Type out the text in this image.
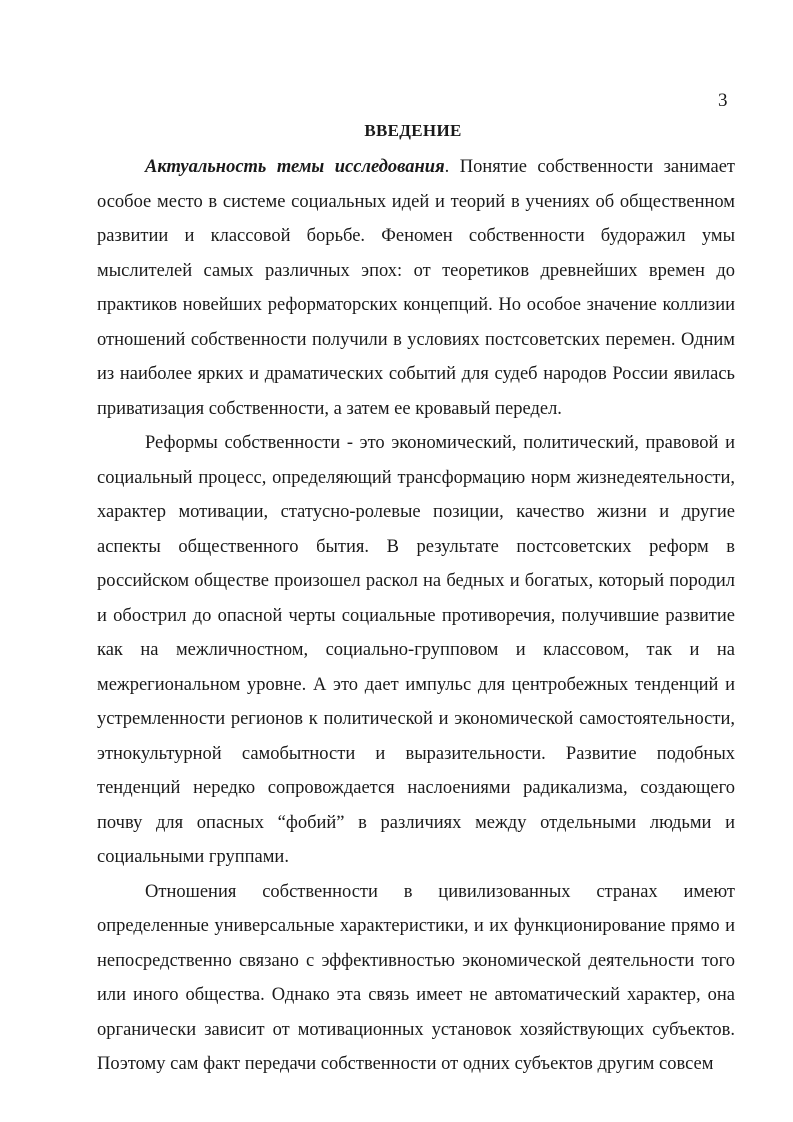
3
ВВЕДЕНИЕ

Актуальность темы исследования. Понятие собственности занимает особое место в системе социальных идей и теорий в учениях об общественном развитии и классовой борьбе. Феномен собственности будоражил умы мыслителей самых различных эпох: от теоретиков древнейших времен до практиков новейших реформаторских концепций. Но особое значение коллизии отношений собственности получили в условиях постсоветских перемен. Одним из наиболее ярких и драматических событий для судеб народов России явилась приватизация собственности, а затем ее кровавый передел.

Реформы собственности - это экономический, политический, правовой и социальный процесс, определяющий трансформацию норм жизнедеятельности, характер мотивации, статусно-ролевые позиции, качество жизни и другие аспекты общественного бытия. В результате постсоветских реформ в российском обществе произошел раскол на бедных и богатых, который породил и обострил до опасной черты социальные противоречия, получившие развитие как на межличностном, социально-групповом и классовом, так и на межрегиональном уровне. А это дает импульс для центробежных тенденций и устремленности регионов к политической и экономической самостоятельности, этнокультурной самобытности и выразительности. Развитие подобных тенденций нередко сопровождается наслоениями радикализма, создающего почву для опасных “фобий” в различиях между отдельными людьми и социальными группами.

Отношения собственности в цивилизованных странах имеют определенные универсальные характеристики, и их функционирование прямо и непосредственно связано с эффективностью экономической деятельности того или иного общества. Однако эта связь имеет не автоматический характер, она органически зависит от мотивационных установок хозяйствующих субъектов. Поэтому сам факт передачи собственности от одних субъектов другим совсем
